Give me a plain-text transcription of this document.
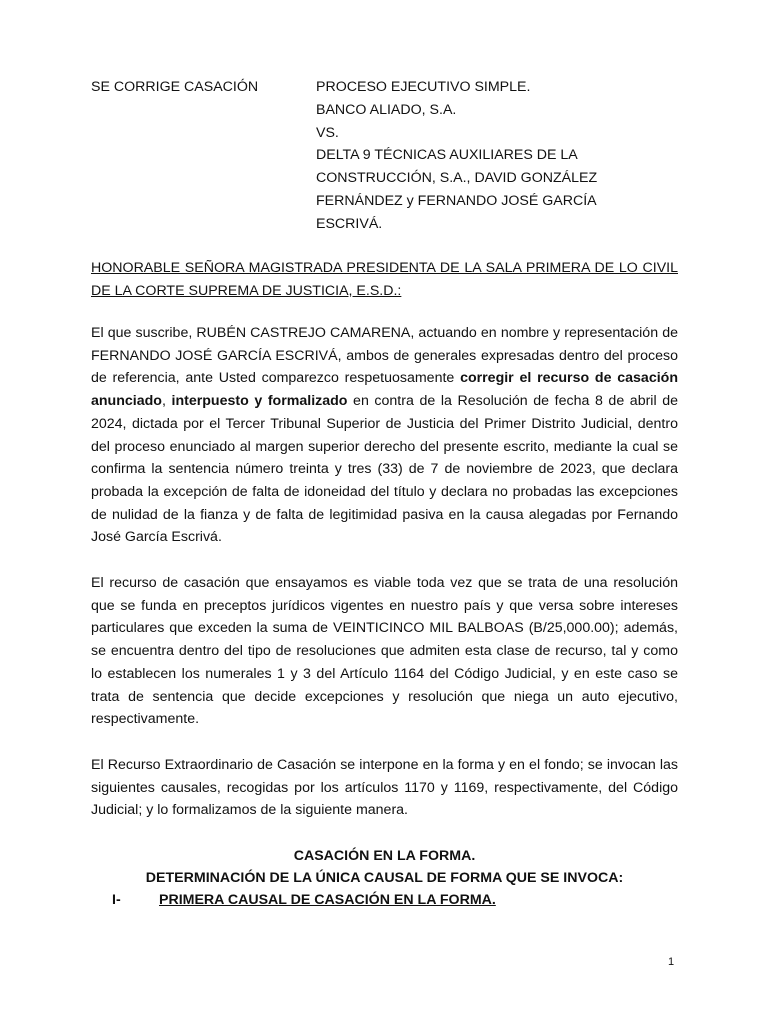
SE CORRIGE CASACIÓN	PROCESO EJECUTIVO SIMPLE.
BANCO ALIADO, S.A.
VS.
DELTA 9 TÉCNICAS AUXILIARES DE LA
CONSTRUCCIÓN, S.A., DAVID GONZÁLEZ
FERNÁNDEZ y FERNANDO JOSÉ GARCÍA
ESCRIVÁ.
HONORABLE SEÑORA MAGISTRADA PRESIDENTA DE LA SALA PRIMERA DE LO CIVIL DE LA CORTE SUPREMA DE JUSTICIA, E.S.D.:

El que suscribe, RUBÉN CASTREJO CAMARENA, actuando en nombre y representación de FERNANDO JOSÉ GARCÍA ESCRIVÁ, ambos de generales expresadas dentro del proceso de referencia, ante Usted comparezco respetuosamente corregir el recurso de casación anunciado, interpuesto y formalizado en contra de la Resolución de fecha 8 de abril de 2024, dictada por el Tercer Tribunal Superior de Justicia del Primer Distrito Judicial, dentro del proceso enunciado al margen superior derecho del presente escrito, mediante la cual se confirma la sentencia número treinta y tres (33) de 7 de noviembre de 2023, que declara probada la excepción de falta de idoneidad del título y declara no probadas las excepciones de nulidad de la fianza y de falta de legitimidad pasiva en la causa alegadas por Fernando José García Escrivá.

El recurso de casación que ensayamos es viable toda vez que se trata de una resolución que se funda en preceptos jurídicos vigentes en nuestro país y que versa sobre intereses particulares que exceden la suma de VEINTICINCO MIL BALBOAS (B/25,000.00); además, se encuentra dentro del tipo de resoluciones que admiten esta clase de recurso, tal y como lo establecen los numerales 1 y 3 del Artículo 1164 del Código Judicial, y en este caso se trata de sentencia que decide excepciones y resolución que niega un auto ejecutivo, respectivamente.

El Recurso Extraordinario de Casación se interpone en la forma y en el fondo; se invocan las siguientes causales, recogidas por los artículos 1170 y 1169, respectivamente, del Código Judicial; y lo formalizamos de la siguiente manera.

CASACIÓN EN LA FORMA.
DETERMINACIÓN DE LA ÚNICA CAUSAL DE FORMA QUE SE INVOCA:
I-	PRIMERA CAUSAL DE CASACIÓN EN LA FORMA.
1
